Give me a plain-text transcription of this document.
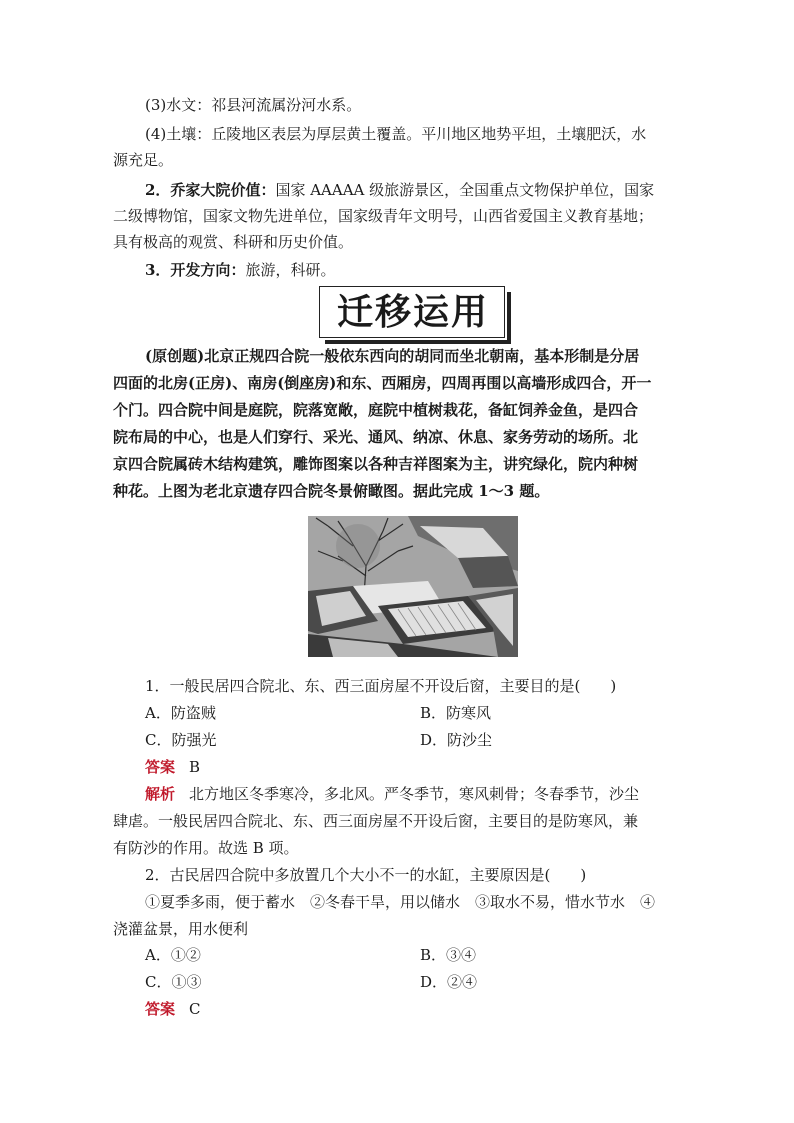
(3)水文：祁县河流属汾河水系。

(4)土壤：丘陵地区表层为厚层黄土覆盖。平川地区地势平坦，土壤肥沃，水

源充足。

2．乔家大院价值：国家 AAAAA 级旅游景区，全国重点文物保护单位，国家

二级博物馆，国家文物先进单位，国家级青年文明号，山西省爱国主义教育基地；

具有极高的观赏、科研和历史价值。

3．开发方向：旅游，科研。

迁移运用

(原创题)北京正规四合院一般依东西向的胡同而坐北朝南，基本形制是分居

四面的北房(正房)、南房(倒座房)和东、西厢房，四周再围以高墙形成四合，开一

个门。四合院中间是庭院，院落宽敞，庭院中植树栽花，备缸饲养金鱼，是四合

院布局的中心，也是人们穿行、采光、通风、纳凉、休息、家务劳动的场所。北

京四合院属砖木结构建筑，雕饰图案以各种吉祥图案为主，讲究绿化，院内种树

种花。上图为老北京遗存四合院冬景俯瞰图。据此完成 1～3 题。

1．一般民居四合院北、东、西三面房屋不开设后窗，主要目的是(　　)

A．防盗贼	B．防寒风

C．防强光	D．防沙尘

答案 B

解析 北方地区冬季寒冷，多北风。严冬季节，寒风刺骨；冬春季节，沙尘

肆虐。一般民居四合院北、东、西三面房屋不开设后窗，主要目的是防寒风，兼

有防沙的作用。故选 B 项。

2．古民居四合院中多放置几个大小不一的水缸，主要原因是(　　)

①夏季多雨，便于蓄水　②冬春干旱，用以储水　③取水不易，惜水节水　④

浇灌盆景，用水便利

A．①②	B．③④

C．①③	D．②④

答案 C
